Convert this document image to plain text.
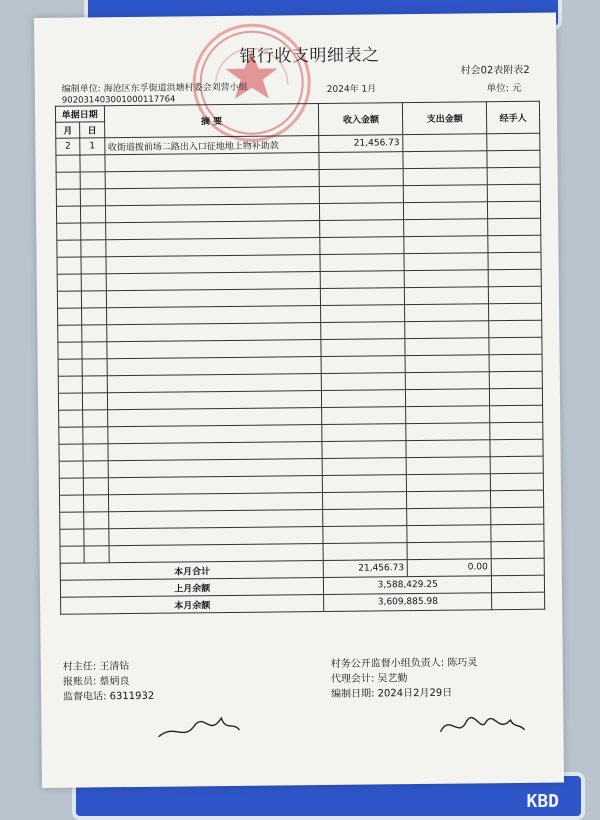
KBD
银行收支明细表之
村会02表附表2
编制单位: 海沧区东孚街道洪塘村委会刘营小组
902031403001000117764
2024年 1月	单位: 元
单据日期		摘 要	收入金额	支出金额	经手人
月	日				
2	1	收街道拨前场二路出入口征地地上物补助款	21,456.73		

本月合计			21,456.73	0.00	
上月余额			3,588,429.25		
本月余额			3,609,885.98		
村主任: 王清钻
报账员: 蔡炳良
监督电话: 6311932
村务公开监督小组负责人: 陈巧灵
代理会计: 吴艺勤
编制日期: 2024日2月29日
